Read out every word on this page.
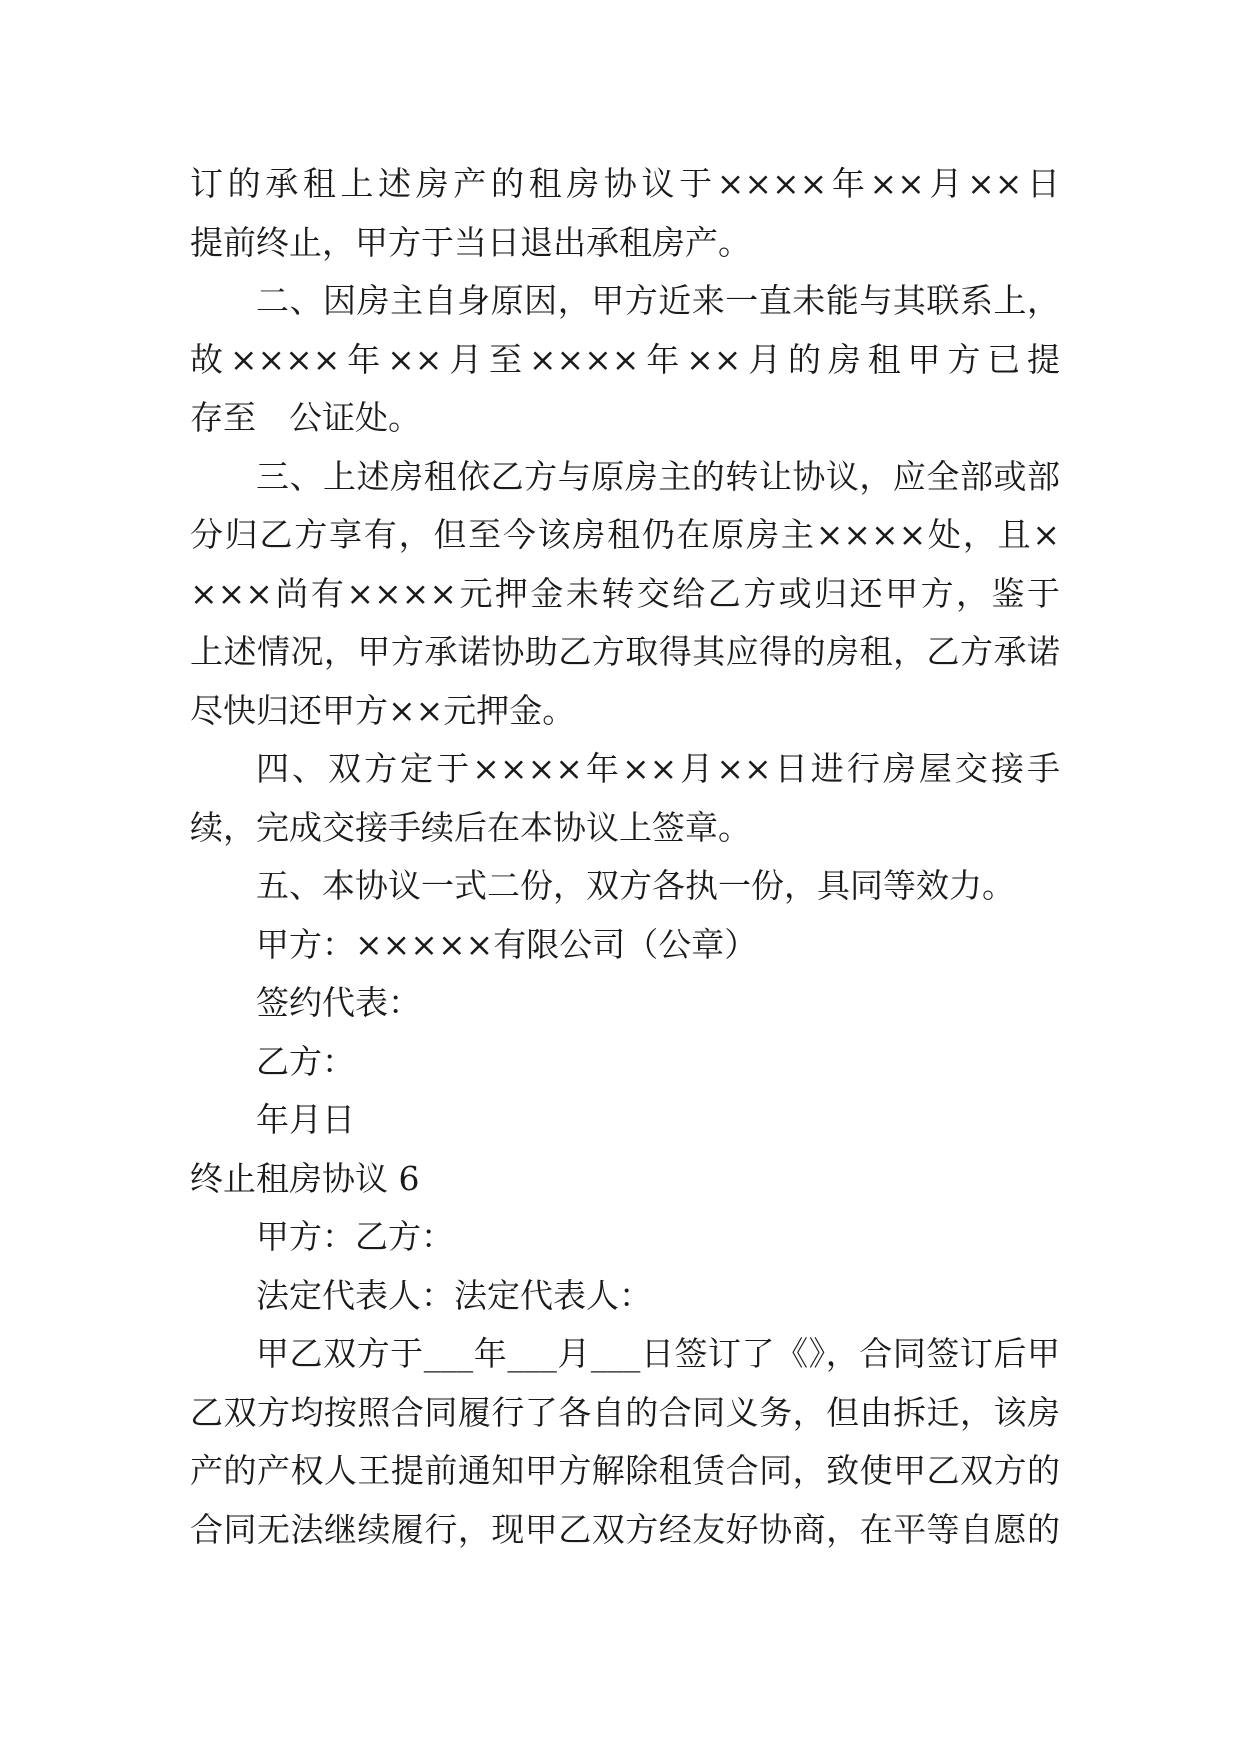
订的承租上述房产的租房协议于××××年××月××日
提前终止，甲方于当日退出承租房产。
二、因房主自身原因，甲方近来一直未能与其联系上，
故××××年××月至××××年××月的房租甲方已提
存至　公证处。
三、上述房租依乙方与原房主的转让协议，应全部或部
分归乙方享有，但至今该房租仍在原房主××××处，且×
×××尚有××××元押金未转交给乙方或归还甲方，鉴于
上述情况，甲方承诺协助乙方取得其应得的房租，乙方承诺
尽快归还甲方××元押金。
四、双方定于××××年××月××日进行房屋交接手
续，完成交接手续后在本协议上签章。
五、本协议一式二份，双方各执一份，具同等效力。
甲方：×××××有限公司（公章）
签约代表：
乙方：
年月日
终止租房协议 6
甲方：乙方：
法定代表人：法定代表人：
甲乙双方于___年___月___日签订了《》，合同签订后甲
乙双方均按照合同履行了各自的合同义务，但由拆迁，该房
产的产权人王提前通知甲方解除租赁合同，致使甲乙双方的
合同无法继续履行，现甲乙双方经友好协商，在平等自愿的
